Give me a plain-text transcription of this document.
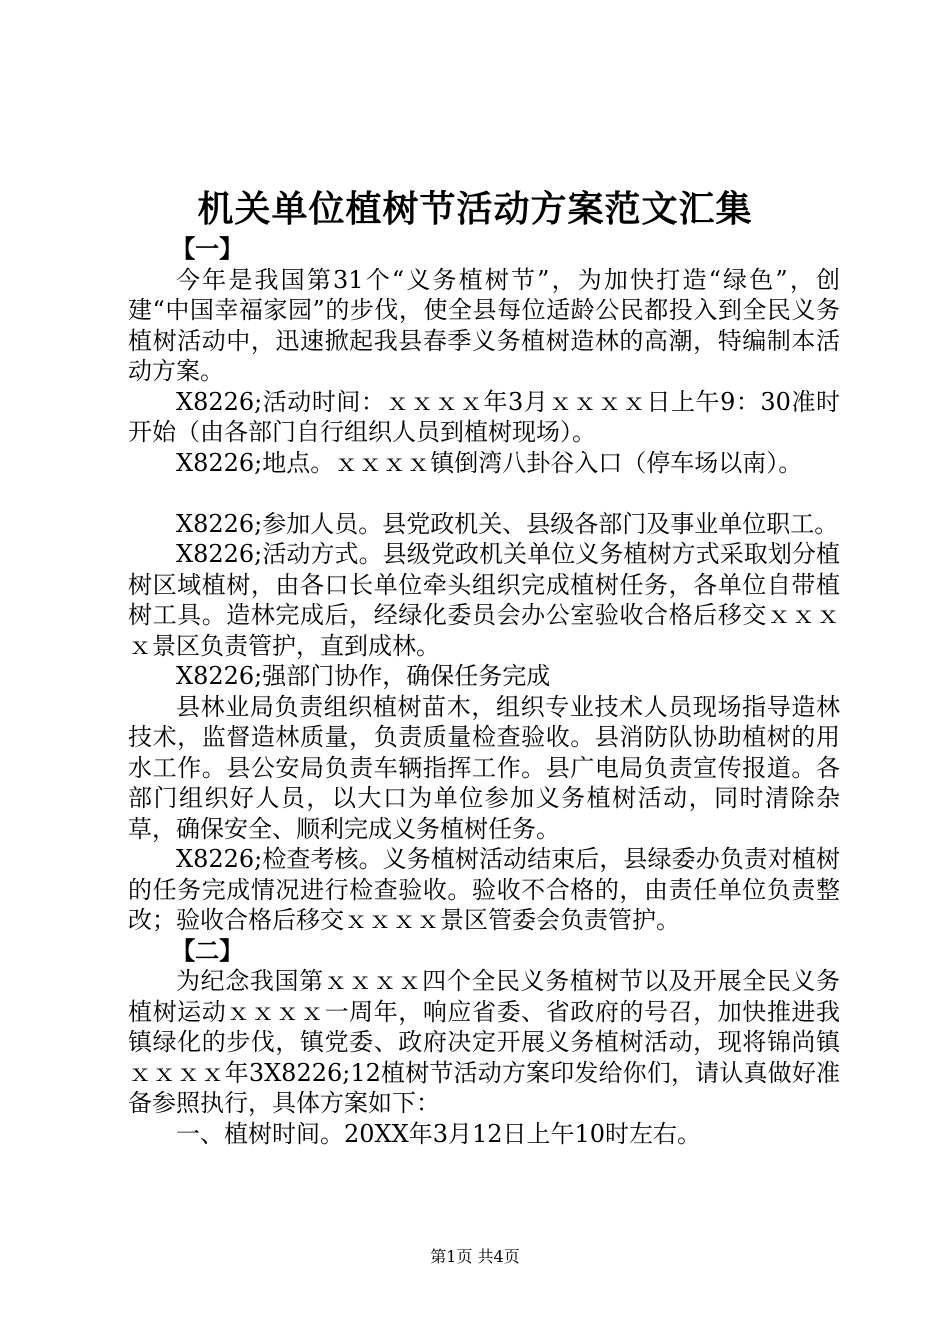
机关单位植树节活动方案范文汇集

【一】

今年是我国第31个“义务植树节”，为加快打造“绿色”，创建“中国幸福家园”的步伐，使全县每位适龄公民都投入到全民义务植树活动中，迅速掀起我县春季义务植树造林的高潮，特编制本活动方案。

X8226;活动时间：ｘｘｘｘ年3月ｘｘｘｘ日上午9：30准时开始（由各部门自行组织人员到植树现场）。

X8226;地点。ｘｘｘｘ镇倒湾八卦谷入口（停车场以南）。

X8226;参加人员。县党政机关、县级各部门及事业单位职工。

X8226;活动方式。县级党政机关单位义务植树方式采取划分植树区域植树，由各口长单位牵头组织完成植树任务，各单位自带植树工具。造林完成后，经绿化委员会办公室验收合格后移交ｘｘｘｘ景区负责管护，直到成林。

X8226;强部门协作，确保任务完成

县林业局负责组织植树苗木，组织专业技术人员现场指导造林技术，监督造林质量，负责质量检查验收。县消防队协助植树的用水工作。县公安局负责车辆指挥工作。县广电局负责宣传报道。各部门组织好人员，以大口为单位参加义务植树活动，同时清除杂草，确保安全、顺利完成义务植树任务。

X8226;检查考核。义务植树活动结束后，县绿委办负责对植树的任务完成情况进行检查验收。验收不合格的，由责任单位负责整改；验收合格后移交ｘｘｘｘ景区管委会负责管护。

【二】

为纪念我国第ｘｘｘｘ四个全民义务植树节以及开展全民义务植树运动ｘｘｘｘ一周年，响应省委、省政府的号召，加快推进我镇绿化的步伐，镇党委、政府决定开展义务植树活动，现将锦尚镇ｘｘｘｘ年3X8226;12植树节活动方案印发给你们，请认真做好准备参照执行，具体方案如下：

一、植树时间。20XX年3月12日上午10时左右。

第1页 共4页
